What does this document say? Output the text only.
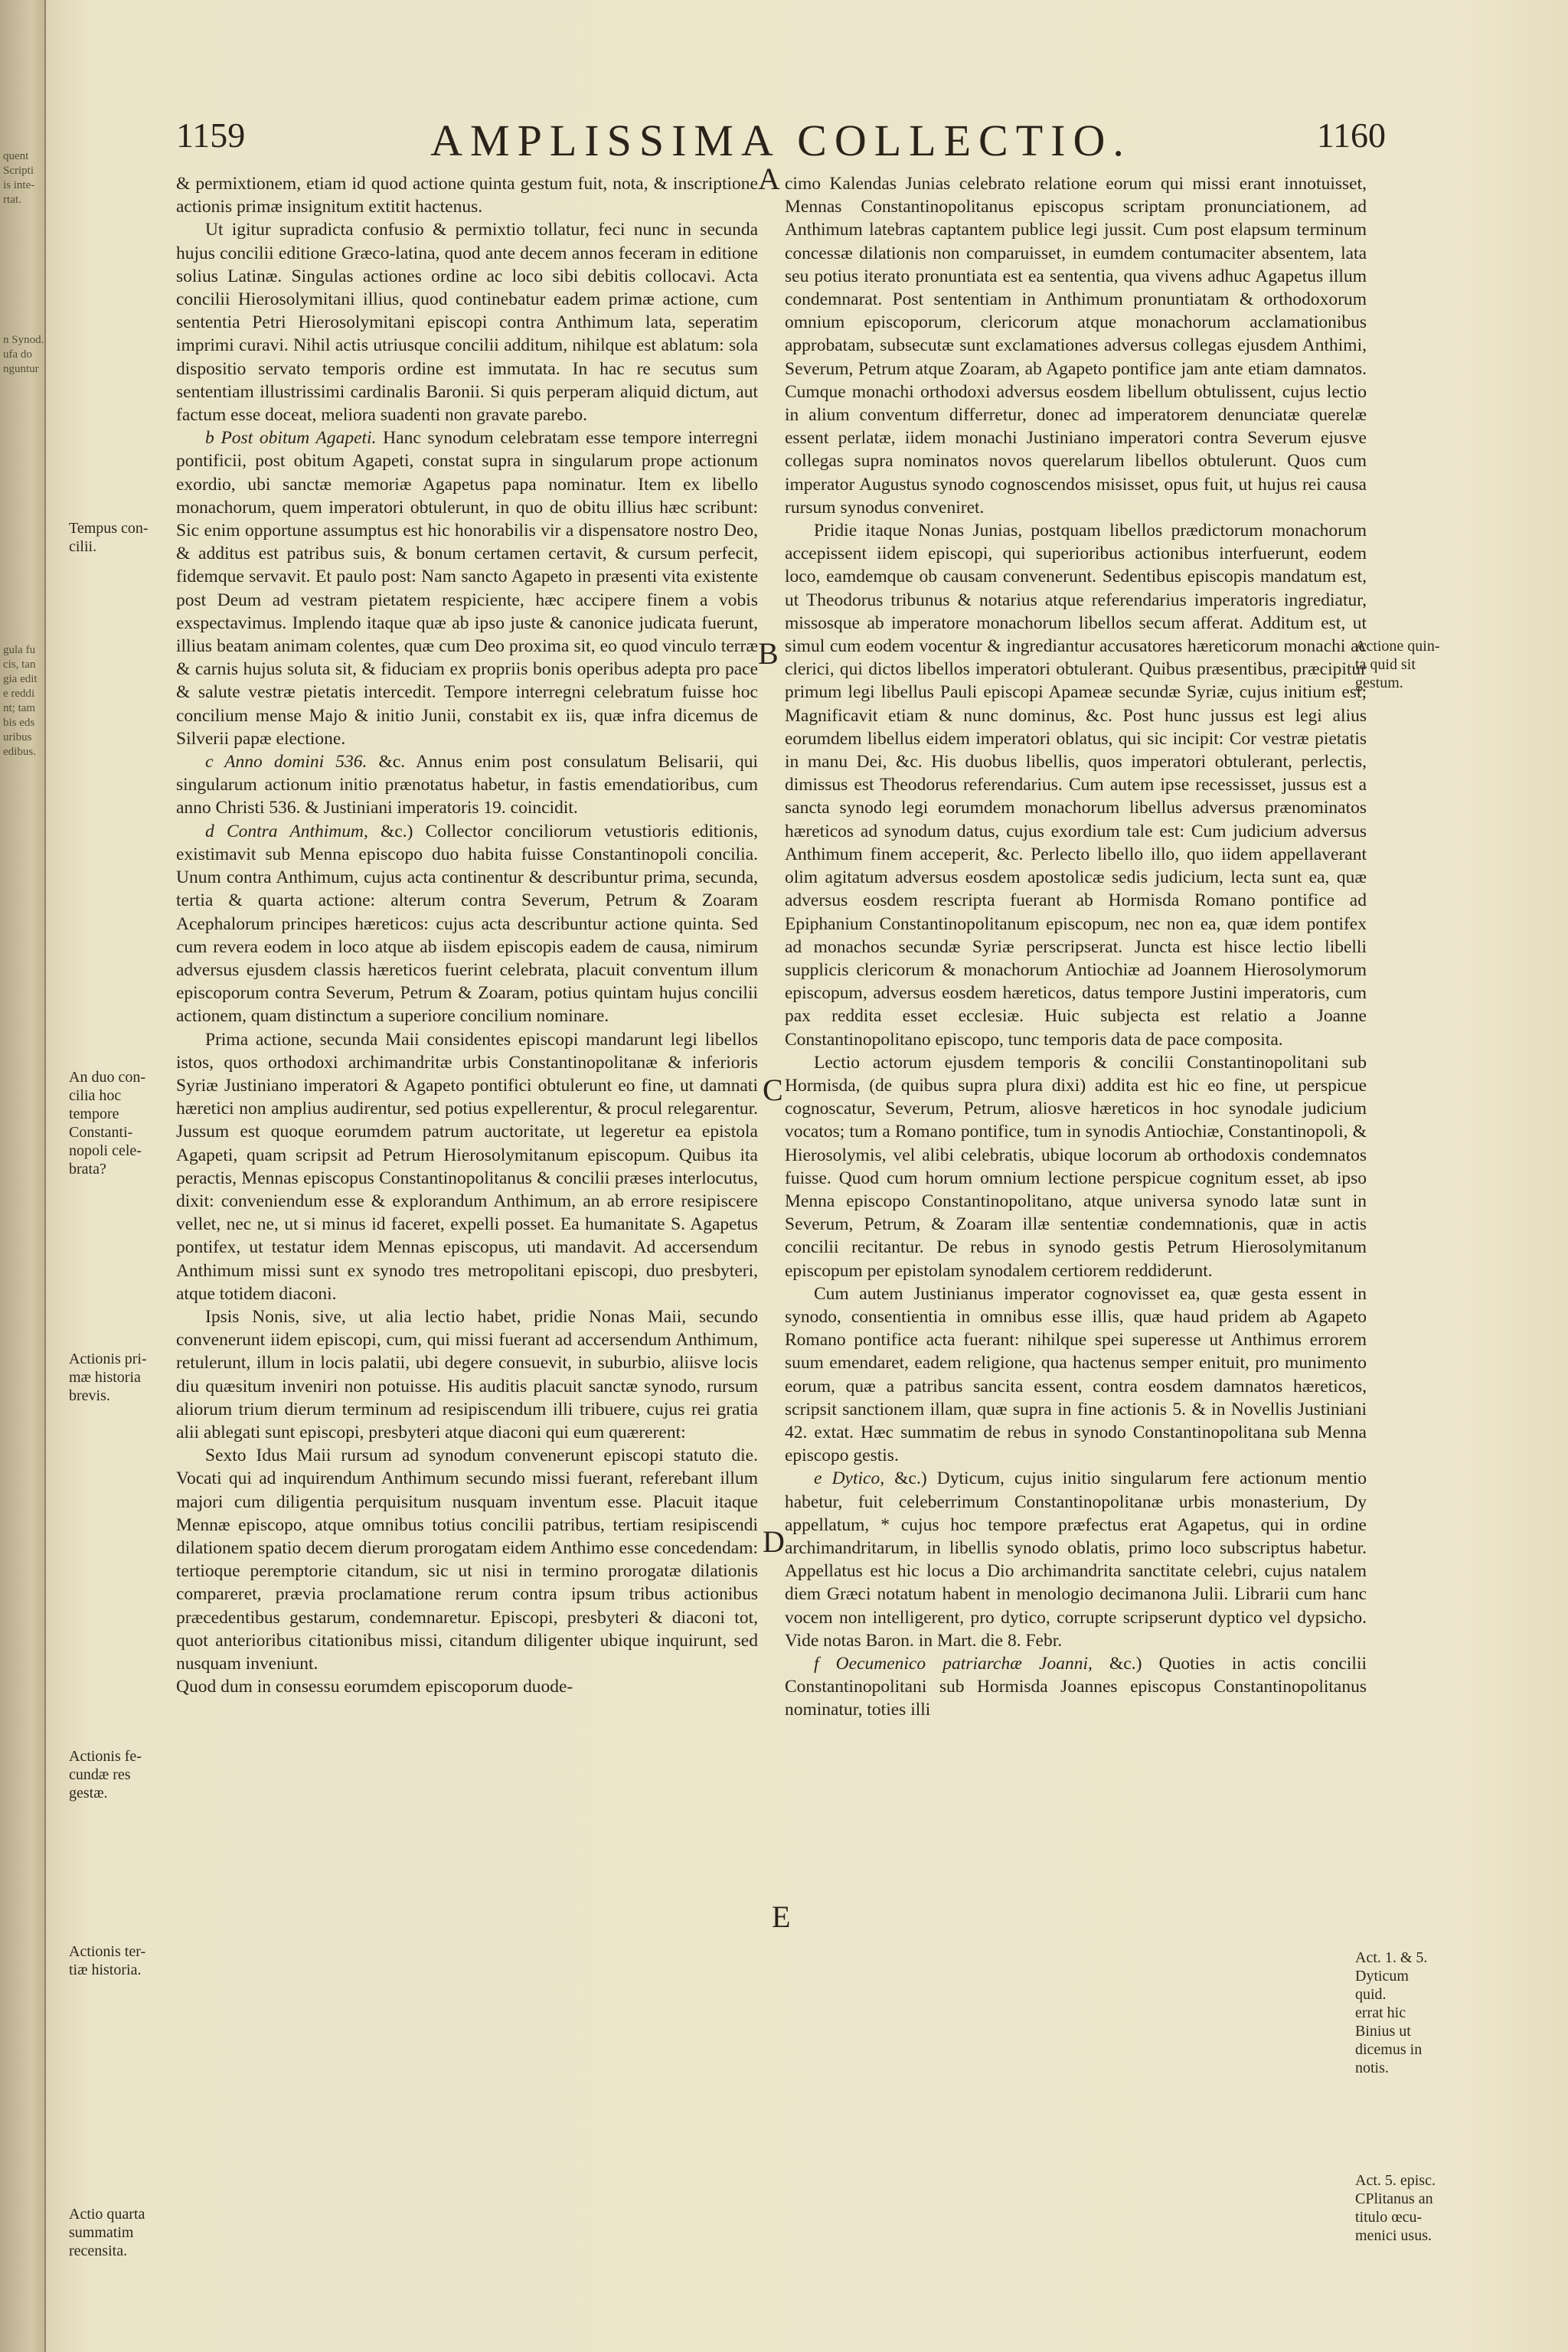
quent
Scripti
is inte-
rtat.
n Synod.
ufa do
nguntur
gula fu
cis, tan
gia edit
e reddi
nt; tam
bis eds
uribus
edibus.
1159	AMPLISSIMA COLLECTIO.	1160
A
B
C
D
E
Tempus con-
cilii.
An duo con-
cilia hoc
tempore
Constanti-
nopoli cele-
brata?
Actionis pri-
mæ historia
brevis.
Actionis fe-
cundæ res
gestæ.
Actionis ter-
tiæ historia.
Actio quarta
summatim
recensita.
Actione quin-
ta quid sit
gestum.
Act. 1. & 5.
Dyticum
quid.
errat hic
Binius ut
dicemus in
notis.
Act. 5. episc.
CPlitanus an
titulo œcu-
menici usus.

& permixtionem, etiam id quod actione quinta gestum fuit, nota, & inscriptione actionis primæ insignitum extitit hactenus.

Ut igitur supradicta confusio & permixtio tollatur, feci nunc in secunda hujus concilii editione Græco-latina, quod ante decem annos feceram in editione solius Latinæ. Singulas actiones ordine ac loco sibi debitis collocavi. Acta concilii Hierosolymitani illius, quod continebatur eadem primæ actione, cum sententia Petri Hierosolymitani episcopi contra Anthimum lata, seperatim imprimi curavi. Nihil actis utriusque concilii additum, nihilque est ablatum: sola dispositio servato temporis ordine est immutata. In hac re secutus sum sententiam illustrissimi cardinalis Baronii. Si quis perperam aliquid dictum, aut factum esse doceat, meliora suadenti non gravate parebo.

b Post obitum Agapeti. Hanc synodum celebratam esse tempore interregni pontificii, post obitum Agapeti, constat supra in singularum prope actionum exordio, ubi sanctæ memoriæ Agapetus papa nominatur. Item ex libello monachorum, quem imperatori obtulerunt, in quo de obitu illius hæc scribunt: Sic enim opportune assumptus est hic honorabilis vir a dispensatore nostro Deo, & additus est patribus suis, & bonum certamen certavit, & cursum perfecit, fidemque servavit. Et paulo post: Nam sancto Agapeto in præsenti vita existente post Deum ad vestram pietatem respiciente, hæc accipere finem a vobis exspectavimus. Implendo itaque quæ ab ipso juste & canonice judicata fuerunt, illius beatam animam colentes, quæ cum Deo proxima sit, eo quod vinculo terræ & carnis hujus soluta sit, & fiduciam ex propriis bonis operibus adepta pro pace & salute vestræ pietatis intercedit. Tempore interregni celebratum fuisse hoc concilium mense Majo & initio Junii, constabit ex iis, quæ infra dicemus de Silverii papæ electione.

c Anno domini 536. &c. Annus enim post consulatum Belisarii, qui singularum actionum initio prænotatus habetur, in fastis emendatioribus, cum anno Christi 536. & Justiniani imperatoris 19. coincidit.

d Contra Anthimum, &c.) Collector conciliorum vetustioris editionis, existimavit sub Menna episcopo duo habita fuisse Constantinopoli concilia. Unum contra Anthimum, cujus acta continentur & describuntur prima, secunda, tertia & quarta actione: alterum contra Severum, Petrum & Zoaram Acephalorum principes hæreticos: cujus acta describuntur actione quinta. Sed cum revera eodem in loco atque ab iisdem episcopis eadem de causa, nimirum adversus ejusdem classis hæreticos fuerint celebrata, placuit conventum illum episcoporum contra Severum, Petrum & Zoaram, potius quintam hujus concilii actionem, quam distinctum a superiore concilium nominare.

Prima actione, secunda Maii considentes episcopi mandarunt legi libellos istos, quos orthodoxi archimandritæ urbis Constantinopolitanæ & inferioris Syriæ Justiniano imperatori & Agapeto pontifici obtulerunt eo fine, ut damnati hæretici non amplius audirentur, sed potius expellerentur, & procul relegarentur. Jussum est quoque eorumdem patrum auctoritate, ut legeretur ea epistola Agapeti, quam scripsit ad Petrum Hierosolymitanum episcopum. Quibus ita peractis, Mennas episcopus Constantinopolitanus & concilii præses interlocutus, dixit: conveniendum esse & explorandum Anthimum, an ab errore resipiscere vellet, nec ne, ut si minus id faceret, expelli posset. Ea humanitate S. Agapetus pontifex, ut testatur idem Mennas episcopus, uti mandavit. Ad accersendum Anthimum missi sunt ex synodo tres metropolitani episcopi, duo presbyteri, atque totidem diaconi.

Ipsis Nonis, sive, ut alia lectio habet, pridie Nonas Maii, secundo convenerunt iidem episcopi, cum, qui missi fuerant ad accersendum Anthimum, retulerunt, illum in locis palatii, ubi degere consuevit, in suburbio, aliisve locis diu quæsitum inveniri non potuisse. His auditis placuit sanctæ synodo, rursum aliorum trium dierum terminum ad resipiscendum illi tribuere, cujus rei gratia alii ablegati sunt episcopi, presbyteri atque diaconi qui eum quærerent:

Sexto Idus Maii rursum ad synodum convenerunt episcopi statuto die. Vocati qui ad inquirendum Anthimum secundo missi fuerant, referebant illum majori cum diligentia perquisitum nusquam inventum esse. Placuit itaque Mennæ episcopo, atque omnibus totius concilii patribus, tertiam resipiscendi dilationem spatio decem dierum prorogatam eidem Anthimo esse concedendam: tertioque peremptorie citandum, sic ut nisi in termino prorogatæ dilationis compareret, prævia proclamatione rerum contra ipsum tribus actionibus præcedentibus gestarum, condemnaretur. Episcopi, presbyteri & diaconi tot, quot anterioribus citationibus missi, citandum diligenter ubique inquirunt, sed nusquam inveniunt.

Quod dum in consessu eorumdem episcoporum duode-

cimo Kalendas Junias celebrato relatione eorum qui missi erant innotuisset, Mennas Constantinopolitanus episcopus scriptam pronunciationem, ad Anthimum latebras captantem publice legi jussit. Cum post elapsum terminum concessæ dilationis non comparuisset, in eumdem contumaciter absentem, lata seu potius iterato pronuntiata est ea sententia, qua vivens adhuc Agapetus illum condemnarat. Post sententiam in Anthimum pronuntiatam & orthodoxorum omnium episcoporum, clericorum atque monachorum acclamationibus approbatam, subsecutæ sunt exclamationes adversus collegas ejusdem Anthimi, Severum, Petrum atque Zoaram, ab Agapeto pontifice jam ante etiam damnatos. Cumque monachi orthodoxi adversus eosdem libellum obtulissent, cujus lectio in alium conventum differretur, donec ad imperatorem denunciatæ querelæ essent perlatæ, iidem monachi Justiniano imperatori contra Severum ejusve collegas supra nominatos novos querelarum libellos obtulerunt. Quos cum imperator Augustus synodo cognoscendos misisset, opus fuit, ut hujus rei causa rursum synodus conveniret.

Pridie itaque Nonas Junias, postquam libellos prædictorum monachorum accepissent iidem episcopi, qui superioribus actionibus interfuerunt, eodem loco, eamdemque ob causam convenerunt. Sedentibus episcopis mandatum est, ut Theodorus tribunus & notarius atque referendarius imperatoris ingrediatur, missosque ab imperatore monachorum libellos secum afferat. Additum est, ut simul cum eodem vocentur & ingrediantur accusatores hæreticorum monachi ac clerici, qui dictos libellos imperatori obtulerant. Quibus præsentibus, præcipitur primum legi libellus Pauli episcopi Apameæ secundæ Syriæ, cujus initium est; Magnificavit etiam & nunc dominus, &c. Post hunc jussus est legi alius eorumdem libellus eidem imperatori oblatus, qui sic incipit: Cor vestræ pietatis in manu Dei, &c. His duobus libellis, quos imperatori obtulerant, perlectis, dimissus est Theodorus referendarius. Cum autem ipse recessisset, jussus est a sancta synodo legi eorumdem monachorum libellus adversus prænominatos hæreticos ad synodum datus, cujus exordium tale est: Cum judicium adversus Anthimum finem acceperit, &c. Perlecto libello illo, quo iidem appellaverant olim agitatum adversus eosdem apostolicæ sedis judicium, lecta sunt ea, quæ adversus eosdem rescripta fuerant ab Hormisda Romano pontifice ad Epiphanium Constantinopolitanum episcopum, nec non ea, quæ idem pontifex ad monachos secundæ Syriæ perscripserat. Juncta est hisce lectio libelli supplicis clericorum & monachorum Antiochiæ ad Joannem Hierosolymorum episcopum, adversus eosdem hæreticos, datus tempore Justini imperatoris, cum pax reddita esset ecclesiæ. Huic subjecta est relatio a Joanne Constantinopolitano episcopo, tunc temporis data de pace composita.

Lectio actorum ejusdem temporis & concilii Constantinopolitani sub Hormisda, (de quibus supra plura dixi) addita est hic eo fine, ut perspicue cognoscatur, Severum, Petrum, aliosve hæreticos in hoc synodale judicium vocatos; tum a Romano pontifice, tum in synodis Antiochiæ, Constantinopoli, & Hierosolymis, vel alibi celebratis, ubique locorum ab orthodoxis condemnatos fuisse. Quod cum horum omnium lectione perspicue cognitum esset, ab ipso Menna episcopo Constantinopolitano, atque universa synodo latæ sunt in Severum, Petrum, & Zoaram illæ sententiæ condemnationis, quæ in actis concilii recitantur. De rebus in synodo gestis Petrum Hierosolymitanum episcopum per epistolam synodalem certiorem reddiderunt.

Cum autem Justinianus imperator cognovisset ea, quæ gesta essent in synodo, consentientia in omnibus esse illis, quæ haud pridem ab Agapeto Romano pontifice acta fuerant: nihilque spei superesse ut Anthimus errorem suum emendaret, eadem religione, qua hactenus semper enituit, pro munimento eorum, quæ a patribus sancita essent, contra eosdem damnatos hæreticos, scripsit sanctionem illam, quæ supra in fine actionis 5. & in Novellis Justiniani 42. extat. Hæc summatim de rebus in synodo Constantinopolitana sub Menna episcopo gestis.

e Dytico, &c.) Dyticum, cujus initio singularum fere actionum mentio habetur, fuit celeberrimum Constantinopolitanæ urbis monasterium, Dy appellatum, * cujus hoc tempore præfectus erat Agapetus, qui in ordine archimandritarum, in libellis synodo oblatis, primo loco subscriptus habetur. Appellatus est hic locus a Dio archimandrita sanctitate celebri, cujus natalem diem Græci notatum habent in menologio decimanona Julii. Librarii cum hanc vocem non intelligerent, pro dytico, corrupte scripserunt dyptico vel dypsicho. Vide notas Baron. in Mart. die 8. Febr.

f Oecumenico patriarchæ Joanni, &c.) Quoties in actis concilii Constantinopolitani sub Hormisda Joannes episcopus Constantinopolitanus nominatur, toties illi
